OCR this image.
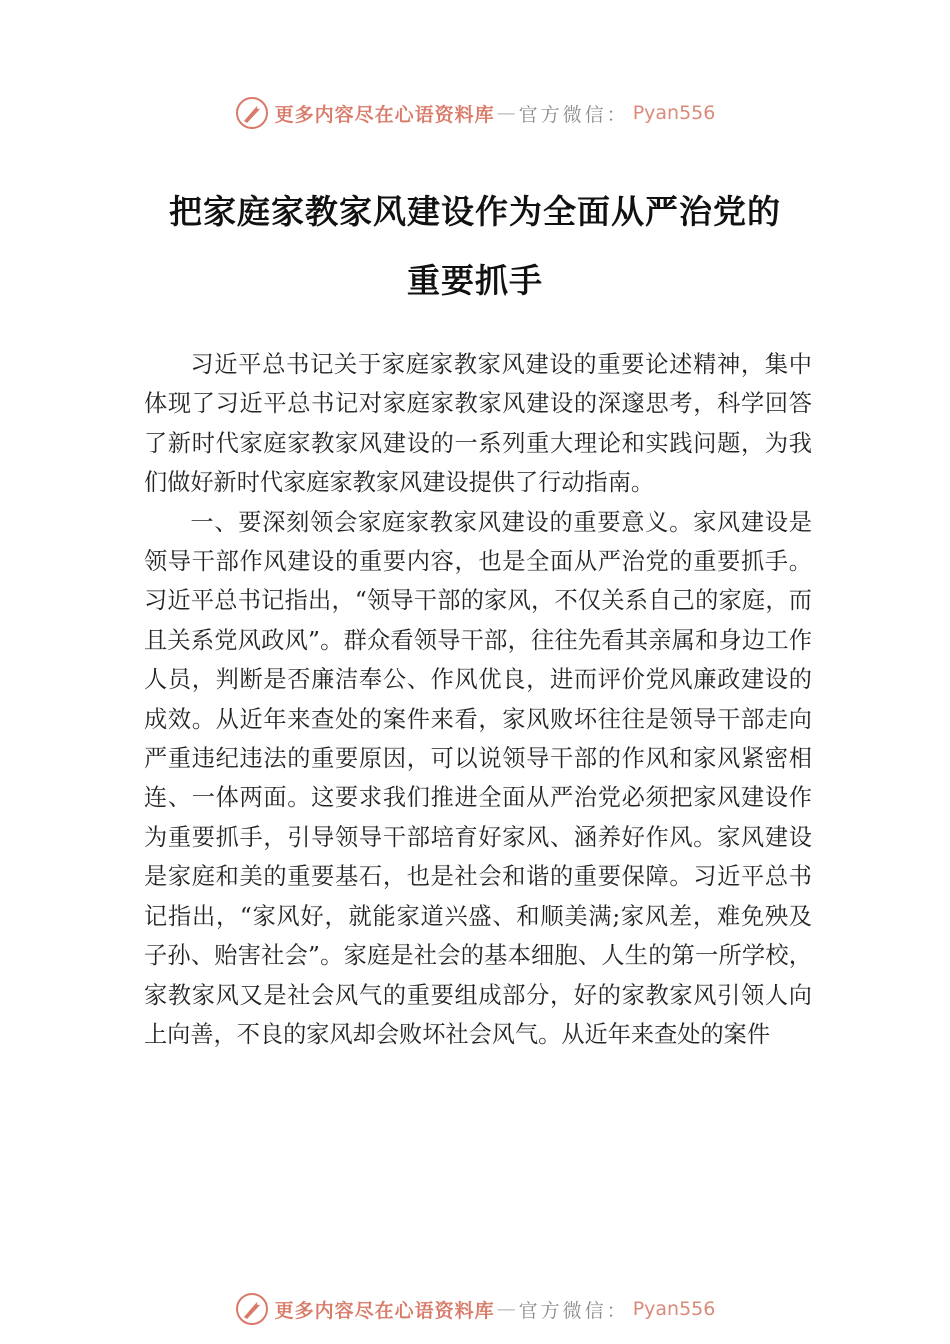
更多内容尽在心语资料库 — 官方微信： Pyan556
把家庭家教家风建设作为全面从严治党的
重要抓手

习近平总书记关于家庭家教家风建设的重要论述精神，集中体现了习近平总书记对家庭家教家风建设的深邃思考，科学回答了新时代家庭家教家风建设的一系列重大理论和实践问题，为我们做好新时代家庭家教家风建设提供了行动指南。

一、要深刻领会家庭家教家风建设的重要意义。家风建设是领导干部作风建设的重要内容，也是全面从严治党的重要抓手。习近平总书记指出，“领导干部的家风，不仅关系自己的家庭，而且关系党风政风”。群众看领导干部，往往先看其亲属和身边工作人员，判断是否廉洁奉公、作风优良，进而评价党风廉政建设的成效。从近年来查处的案件来看，家风败坏往往是领导干部走向严重违纪违法的重要原因，可以说领导干部的作风和家风紧密相连、一体两面。这要求我们推进全面从严治党必须把家风建设作为重要抓手，引导领导干部培育好家风、涵养好作风。家风建设是家庭和美的重要基石，也是社会和谐的重要保障。习近平总书记指出，“家风好，就能家道兴盛、和顺美满;家风差，难免殃及子孙、贻害社会”。家庭是社会的基本细胞、人生的第一所学校，家教家风又是社会风气的重要组成部分，好的家教家风引领人向上向善，不良的家风却会败坏社会风气。从近年来查处的案件

更多内容尽在心语资料库 — 官方微信： Pyan556
